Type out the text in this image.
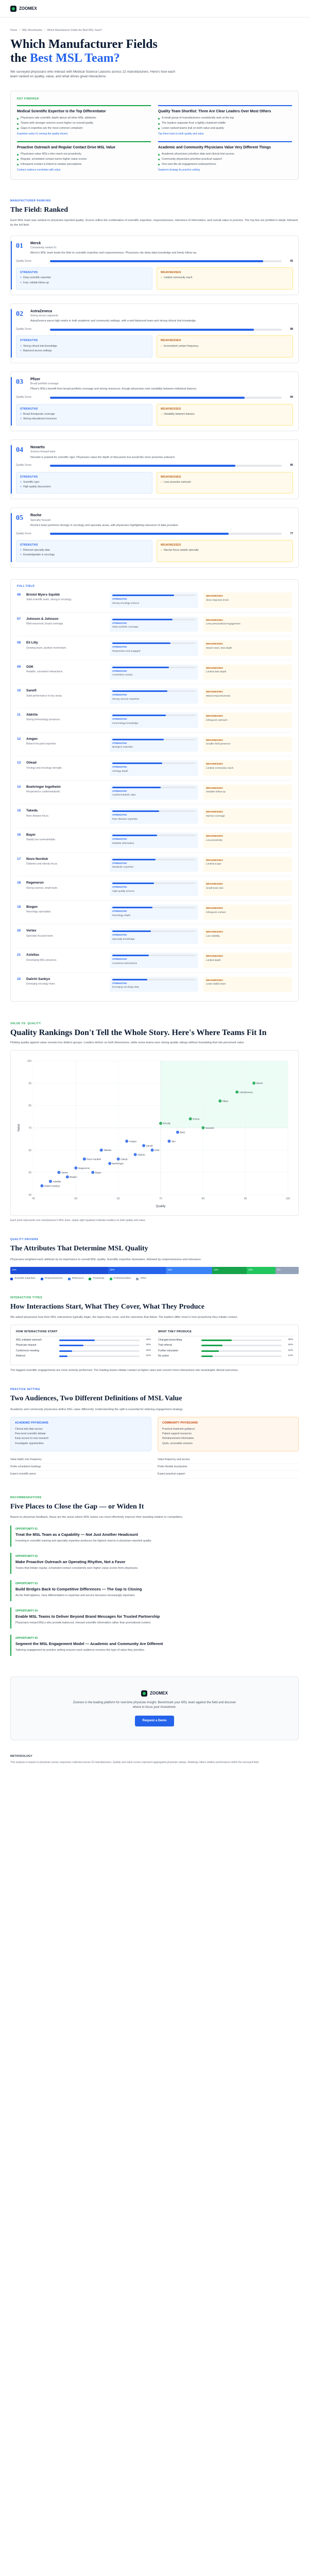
ZOOMEX
Home / MSL Benchmarks / Which Manufacturer Fields the Best MSL Team?
Which Manufacturer Fields the Best MSL Team?

We surveyed physicians who interact with Medical Science Liaisons across 22 manufacturers. Here's how each team ranked on quality, value, and what drives great interactions.

KEY FINDINGS
Medical Scientific Expertise Is the Top Differentiator
Physicians rate scientific depth above all other MSL attributes
Teams with stronger science score higher on overall quality
Gaps in expertise are the most common complaint
Expertise ranks #1 among the quality drivers
Quality Team Shortlist: Three Are Clear Leaders Over Most Others
A small group of manufacturers consistently rank at the top
The leaders separate from a tightly clustered middle
Lower-ranked teams trail on both value and quality
Top three lead on both quality and value
Proactive Outreach and Regular Contact Drive MSL Value
Physicians value MSLs who reach out proactively
Regular, scheduled contact earns higher value scores
Infrequent contact is linked to weaker perceptions
Contact cadence correlates with value
Academic and Community Physicians Value Very Different Things
Academic physicians prioritize data and clinical trial access
Community physicians prioritize practical support
One-size-fits-all engagement underperforms
Segment strategy by practice setting
MANUFACTURER RANKING
The Field: Ranked

Each MSL team was ranked on physician-reported quality. Scores reflect the combination of scientific expertise, responsiveness, relevance of information, and overall value to practice. The top five are profiled in detail, followed by the full field.

01	Merck
Consistently ranked #1
Merck's MSL team leads the field on scientific expertise and responsiveness. Physicians cite deep data knowledge and timely follow-up.
Quality Score	92
STRENGTHS
+ Deep scientific expertise
+ Fast, reliable follow-up
WEAKNESSES
– Limited community reach
02	AstraZeneca
Strong across segments
AstraZeneca earns high marks in both academic and community settings, with a well-balanced team and strong clinical trial knowledge.
Quality Score	88
STRENGTHS
+ Strong clinical trial knowledge
+ Balanced across settings
WEAKNESSES
– Inconsistent contact frequency
03	Pfizer
Broad portfolio coverage
Pfizer's MSLs benefit from broad portfolio coverage and strong resources, though physicians note variability between individual liaisons.
Quality Score	84
STRENGTHS
+ Broad therapeutic coverage
+ Strong educational resources
WEAKNESSES
– Variability between liaisons
04	Novartis
Science-forward team
Novartis is praised for scientific rigor. Physicians value the depth of discussion but would like more proactive outreach.
Quality Score	80
STRENGTHS
+ Scientific rigor
+ High-quality discussions
WEAKNESSES
– Less proactive outreach
05	Roche
Specialty focused
Roche's team performs strongly in oncology and specialty areas, with physicians highlighting relevance of data provided.
Quality Score	77
STRENGTHS
+ Relevant specialty data
+ Knowledgeable in oncology
WEAKNESSES
– Narrow focus outside specialty
FULL FIELD
06	Bristol Myers Squibb
Solid scientific team, strong in oncology.	STRENGTHS
Strong oncology science
WEAKNESSES
Slow response times
07	Johnson & Johnson
Well-resourced, broad coverage.	STRENGTHS
Wide portfolio coverage
WEAKNESSES
Less personalized engagement
08	Eli Lilly
Growing team, positive momentum.	STRENGTHS
Responsive and engaged
WEAKNESSES
Newer team, less depth
09	GSK
Reliable, consistent interactions.	STRENGTHS
Consistent contact
WEAKNESSES
Limited data depth
10	Sanofi
Solid performance in key areas.	STRENGTHS
Strong vaccine expertise
WEAKNESSES
Mixed responsiveness
11	AbbVie
Strong immunology presence.	STRENGTHS
Immunology knowledge
WEAKNESSES
Infrequent outreach
12	Amgen
Biotech-focused expertise.	STRENGTHS
Biologics expertise
WEAKNESSES
Smaller field presence
13	Gilead
Virology and oncology strength.	STRENGTHS
Virology depth
WEAKNESSES
Limited community reach
14	Boehringer Ingelheim
Respected in cardiometabolic.	STRENGTHS
Cardiometabolic data
WEAKNESSES
Variable follow-up
15	Takeda
Rare disease focus.	STRENGTHS
Rare disease expertise
WEAKNESSES
Narrow coverage
16	Bayer
Steady but unremarkable.	STRENGTHS
Reliable information
WEAKNESSES
Low proactivity
17	Novo Nordisk
Diabetes and obesity focus.	STRENGTHS
Metabolic expertise
WEAKNESSES
Limited scope
18	Regeneron
Strong science, small team.	STRENGTHS
High-quality science
WEAKNESSES
Small team size
19	Biogen
Neurology specialists.	STRENGTHS
Neurology depth
WEAKNESSES
Infrequent contact
20	Vertex
Specialty focused team.	STRENGTHS
Specialty knowledge
WEAKNESSES
Low visibility
21	Astellas
Developing MSL presence.	STRENGTHS
Courteous interactions
WEAKNESSES
Limited depth
22	Daiichi Sankyo
Emerging oncology team.	STRENGTHS
Emerging oncology data
WEAKNESSES
Least visible team
VALUE VS. QUALITY
Quality Rankings Don't Tell the Whole Story. Here's Where Teams Fit In

Plotting quality against value reveals four distinct groups. Leaders deliver on both dimensions, while some teams earn strong quality ratings without translating that into perceived value.

40	50	60	70	80	90	100
40
50
60
70
80
90
100
Quality
Value
Merck
AstraZeneca
Pfizer
Novartis
Roche
BMS
J&J
Eli Lilly
GSK
Sanofi
AbbVie
Amgen
Gilead
Boehringer
Takeda
Bayer
Novo Nordisk
Regeneron
Biogen
Vertex
Astellas
Daiichi Sankyo

Each point represents one manufacturer's MSL team. Upper-right quadrant indicates leaders on both quality and value.

QUALITY DRIVERS
The Attributes That Determine MSL Quality

Physicians weighted each attribute by its importance to overall MSL quality. Scientific expertise dominates, followed by responsiveness and relevance.

34%	20%	16%	12%	10%	8%
Scientific Expertise	Responsiveness	Relevance	Proactivity	Professionalism	Other
INTERACTION TYPES
How Interactions Start, What They Cover, What They Produce

We asked physicians how their MSL interactions typically begin, the topics they cover, and the outcomes that follow. The leaders differ most in how proactively they initiate contact.

HOW INTERACTIONS START
MSL-initiated outreach	44%
Physician request	30%
Conference meeting	16%
Referral	10%
WHAT THEY PRODUCE
Changed prescribing	38%
Trial referral	26%
Further education	22%
No action	14%

The biggest scientific engagements are more actively performed. The leading teams initiate contact at higher rates and convert more interactions into meaningful clinical outcomes.

PRACTICE SETTING
Two Audiences, Two Different Definitions of MSL Value

Academic and community physicians define MSL value differently. Understanding the split is essential for tailoring engagement strategy.

ACADEMIC PHYSICIANS
Clinical trial data access
Peer-level scientific debate
Early access to new research
Investigator opportunities
COMMUNITY PHYSICIANS
Practical treatment guidance
Patient support resources
Reimbursement information
Quick, accessible answers
Value depth over frequency
Prefer scheduled meetings
Expect scientific peers
Value frequency and access
Prefer flexible touchpoints
Expect practical support
RECOMMENDATIONS
Five Places to Close the Gap — or Widen It

Based on physician feedback, these are the areas where MSL teams can most effectively improve their standing relative to competitors.

OPPORTUNITY 01
Treat the MSL Team as a Capability — Not Just Another Headcount

Investing in scientific training and specialty expertise produces the highest returns in physician-reported quality.

OPPORTUNITY 02
Make Proactive Outreach an Operating Rhythm, Not a Favor

Teams that initiate regular, scheduled contact consistently earn higher value scores from physicians.

OPPORTUNITY 03
Build Bridges Back to Competitive Differences — The Gap Is Closing

As the field tightens, clear differentiation in expertise and service becomes increasingly important.

OPPORTUNITY 04
Enable MSL Teams to Deliver Beyond Brand Messages for Trusted Partnership

Physicians reward MSLs who provide balanced, relevant scientific information rather than promotional content.

OPPORTUNITY 05
Segment the MSL Engagement Model — Academic and Community Are Different

Tailoring engagement by practice setting ensures each audience receives the type of value they prioritize.

ZOOMEX

Zoomex is the leading platform for real-time physician insight. Benchmark your MSL team against the field and discover where to focus your investment.

Request a Demo
METHODOLOGY

This analysis is based on physician survey responses collected across 22 manufacturers. Quality and value scores represent aggregated physician ratings. Rankings reflect relative performance within the surveyed field.
